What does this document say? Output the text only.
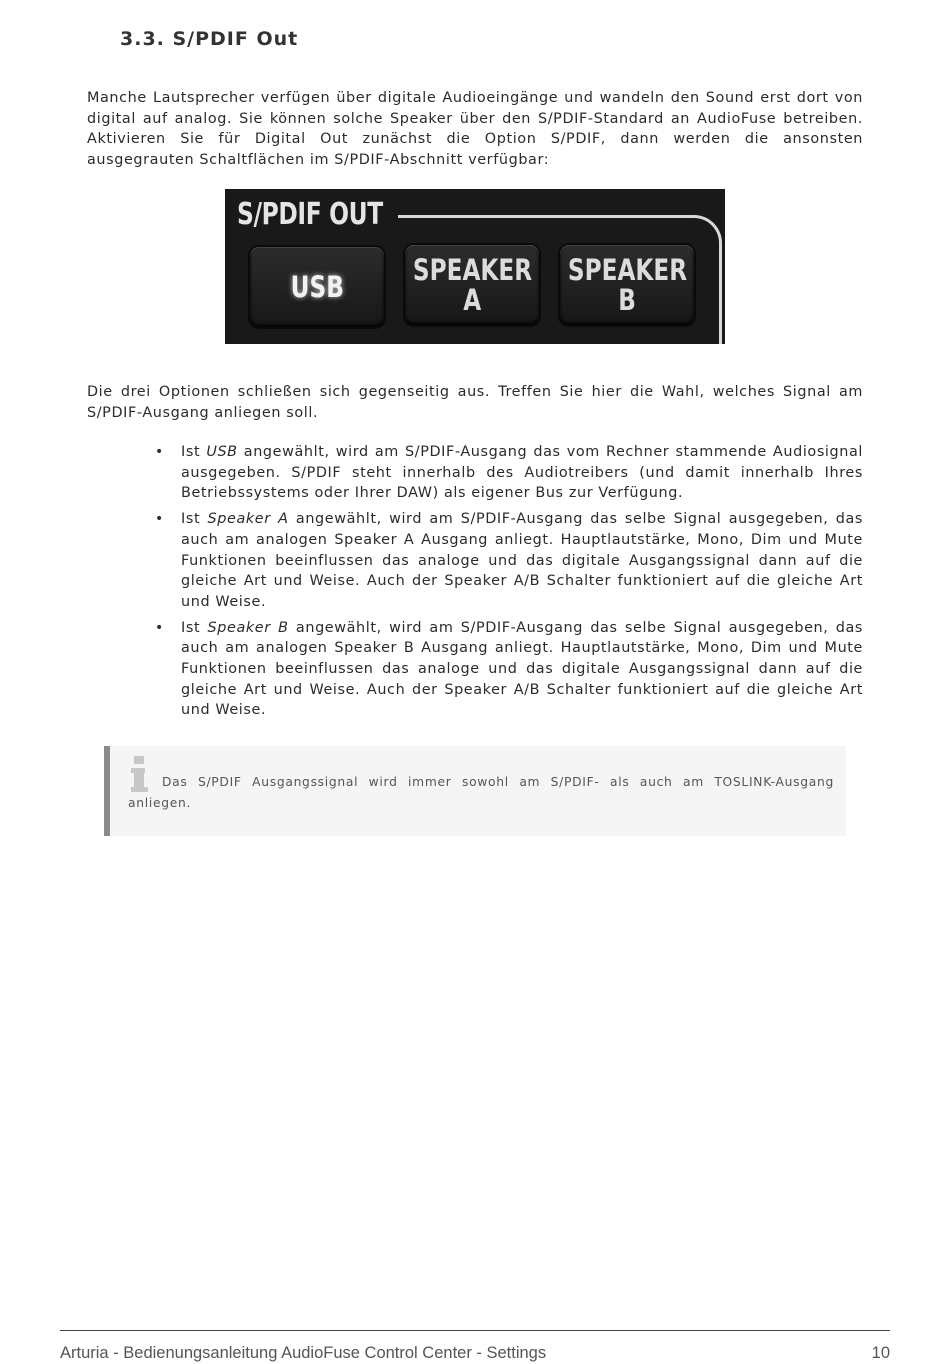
3.3. S/PDIF Out

Manche Lautsprecher verfügen über digitale Audioeingänge und wandeln den Sound erst dort von digital auf analog. Sie können solche Speaker über den S/PDIF-Standard an AudioFuse betreiben. Aktivieren Sie für Digital Out zunächst die Option S/PDIF, dann werden die ansonsten ausgegrauten Schaltflächen im S/PDIF-Abschnitt verfügbar:

S/PDIF OUT
USB SPEAKER
A
SPEAKER
B

Die drei Optionen schließen sich gegenseitig aus. Treffen Sie hier die Wahl, welches Signal am S/PDIF-Ausgang anliegen soll.

• Ist USB angewählt, wird am S/PDIF-Ausgang das vom Rechner stammende Audiosignal ausgegeben. S/PDIF steht innerhalb des Audiotreibers (und damit innerhalb Ihres Betriebssystems oder Ihrer DAW) als eigener Bus zur Verfügung.
• Ist Speaker A angewählt, wird am S/PDIF-Ausgang das selbe Signal ausgegeben, das auch am analogen Speaker A Ausgang anliegt. Hauptlautstärke, Mono, Dim und Mute Funktionen beeinflussen das analoge und das digitale Ausgangssignal dann auf die gleiche Art und Weise. Auch der Speaker A/B Schalter funktioniert auf die gleiche Art und Weise.
• Ist Speaker B angewählt, wird am S/PDIF-Ausgang das selbe Signal ausgegeben, das auch am analogen Speaker B Ausgang anliegt. Hauptlautstärke, Mono, Dim und Mute Funktionen beeinflussen das analoge und das digitale Ausgangssignal dann auf die gleiche Art und Weise. Auch der Speaker A/B Schalter funktioniert auf die gleiche Art und Weise.

Das S/PDIF Ausgangssignal wird immer sowohl am S/PDIF- als auch am TOSLINK-Ausgang anliegen.

Arturia - Bedienungsanleitung AudioFuse Control Center - Settings	10
